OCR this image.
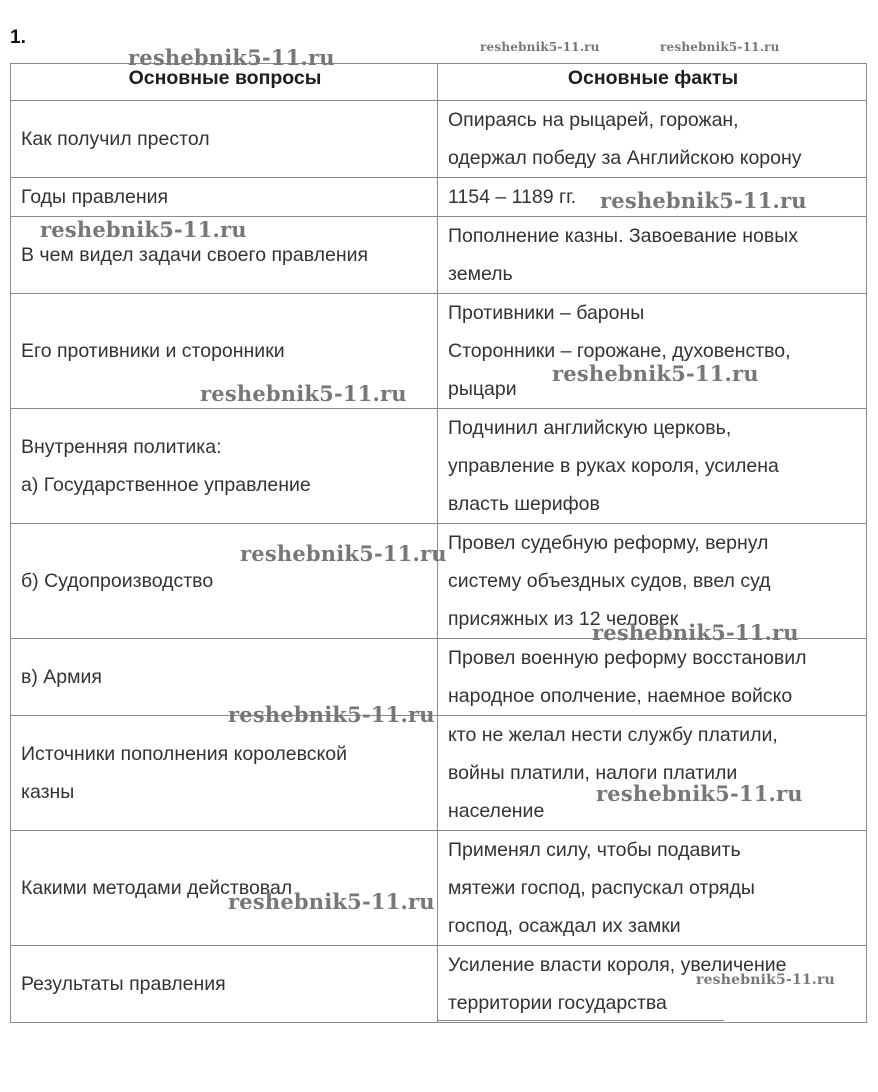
1.
Основные вопросы	Основные факты

Как получил престол	Опираясь на рыцарей, горожан,
одержал победу за Английскою корону

Годы правления	1154 – 1189 гг.

В чем видел задачи своего правления	Пополнение казны. Завоевание новых
земель

Его противники и сторонники	Противники – бароны
Сторонники – горожане, духовенство,
рыцари

Внутренняя политика:
а) Государственное управление	Подчинил английскую церковь,
управление в руках короля, усилена
власть шерифов

б) Судопроизводство	Провел судебную реформу, вернул
систему объездных судов, ввел суд
присяжных из 12 человек

в) Армия	Провел военную реформу восстановил
народное ополчение, наемное войско

Источники пополнения королевской
казны	кто не желал нести службу платили,
войны платили, налоги платили
население

Какими методами действовал	Применял силу, чтобы подавить
мятежи господ, распускал отряды
господ, осаждал их замки

Результаты правления	Усиление власти короля, увеличение
территории государства
reshebnik5-11.ru	reshebnik5-11.ru	reshebnik5-11.ru
reshebnik5-11.ru
reshebnik5-11.ru
reshebnik5-11.ru
reshebnik5-11.ru
reshebnik5-11.ru
reshebnik5-11.ru
reshebnik5-11.ru
reshebnik5-11.ru
reshebnik5-11.ru
reshebnik5-11.ru
